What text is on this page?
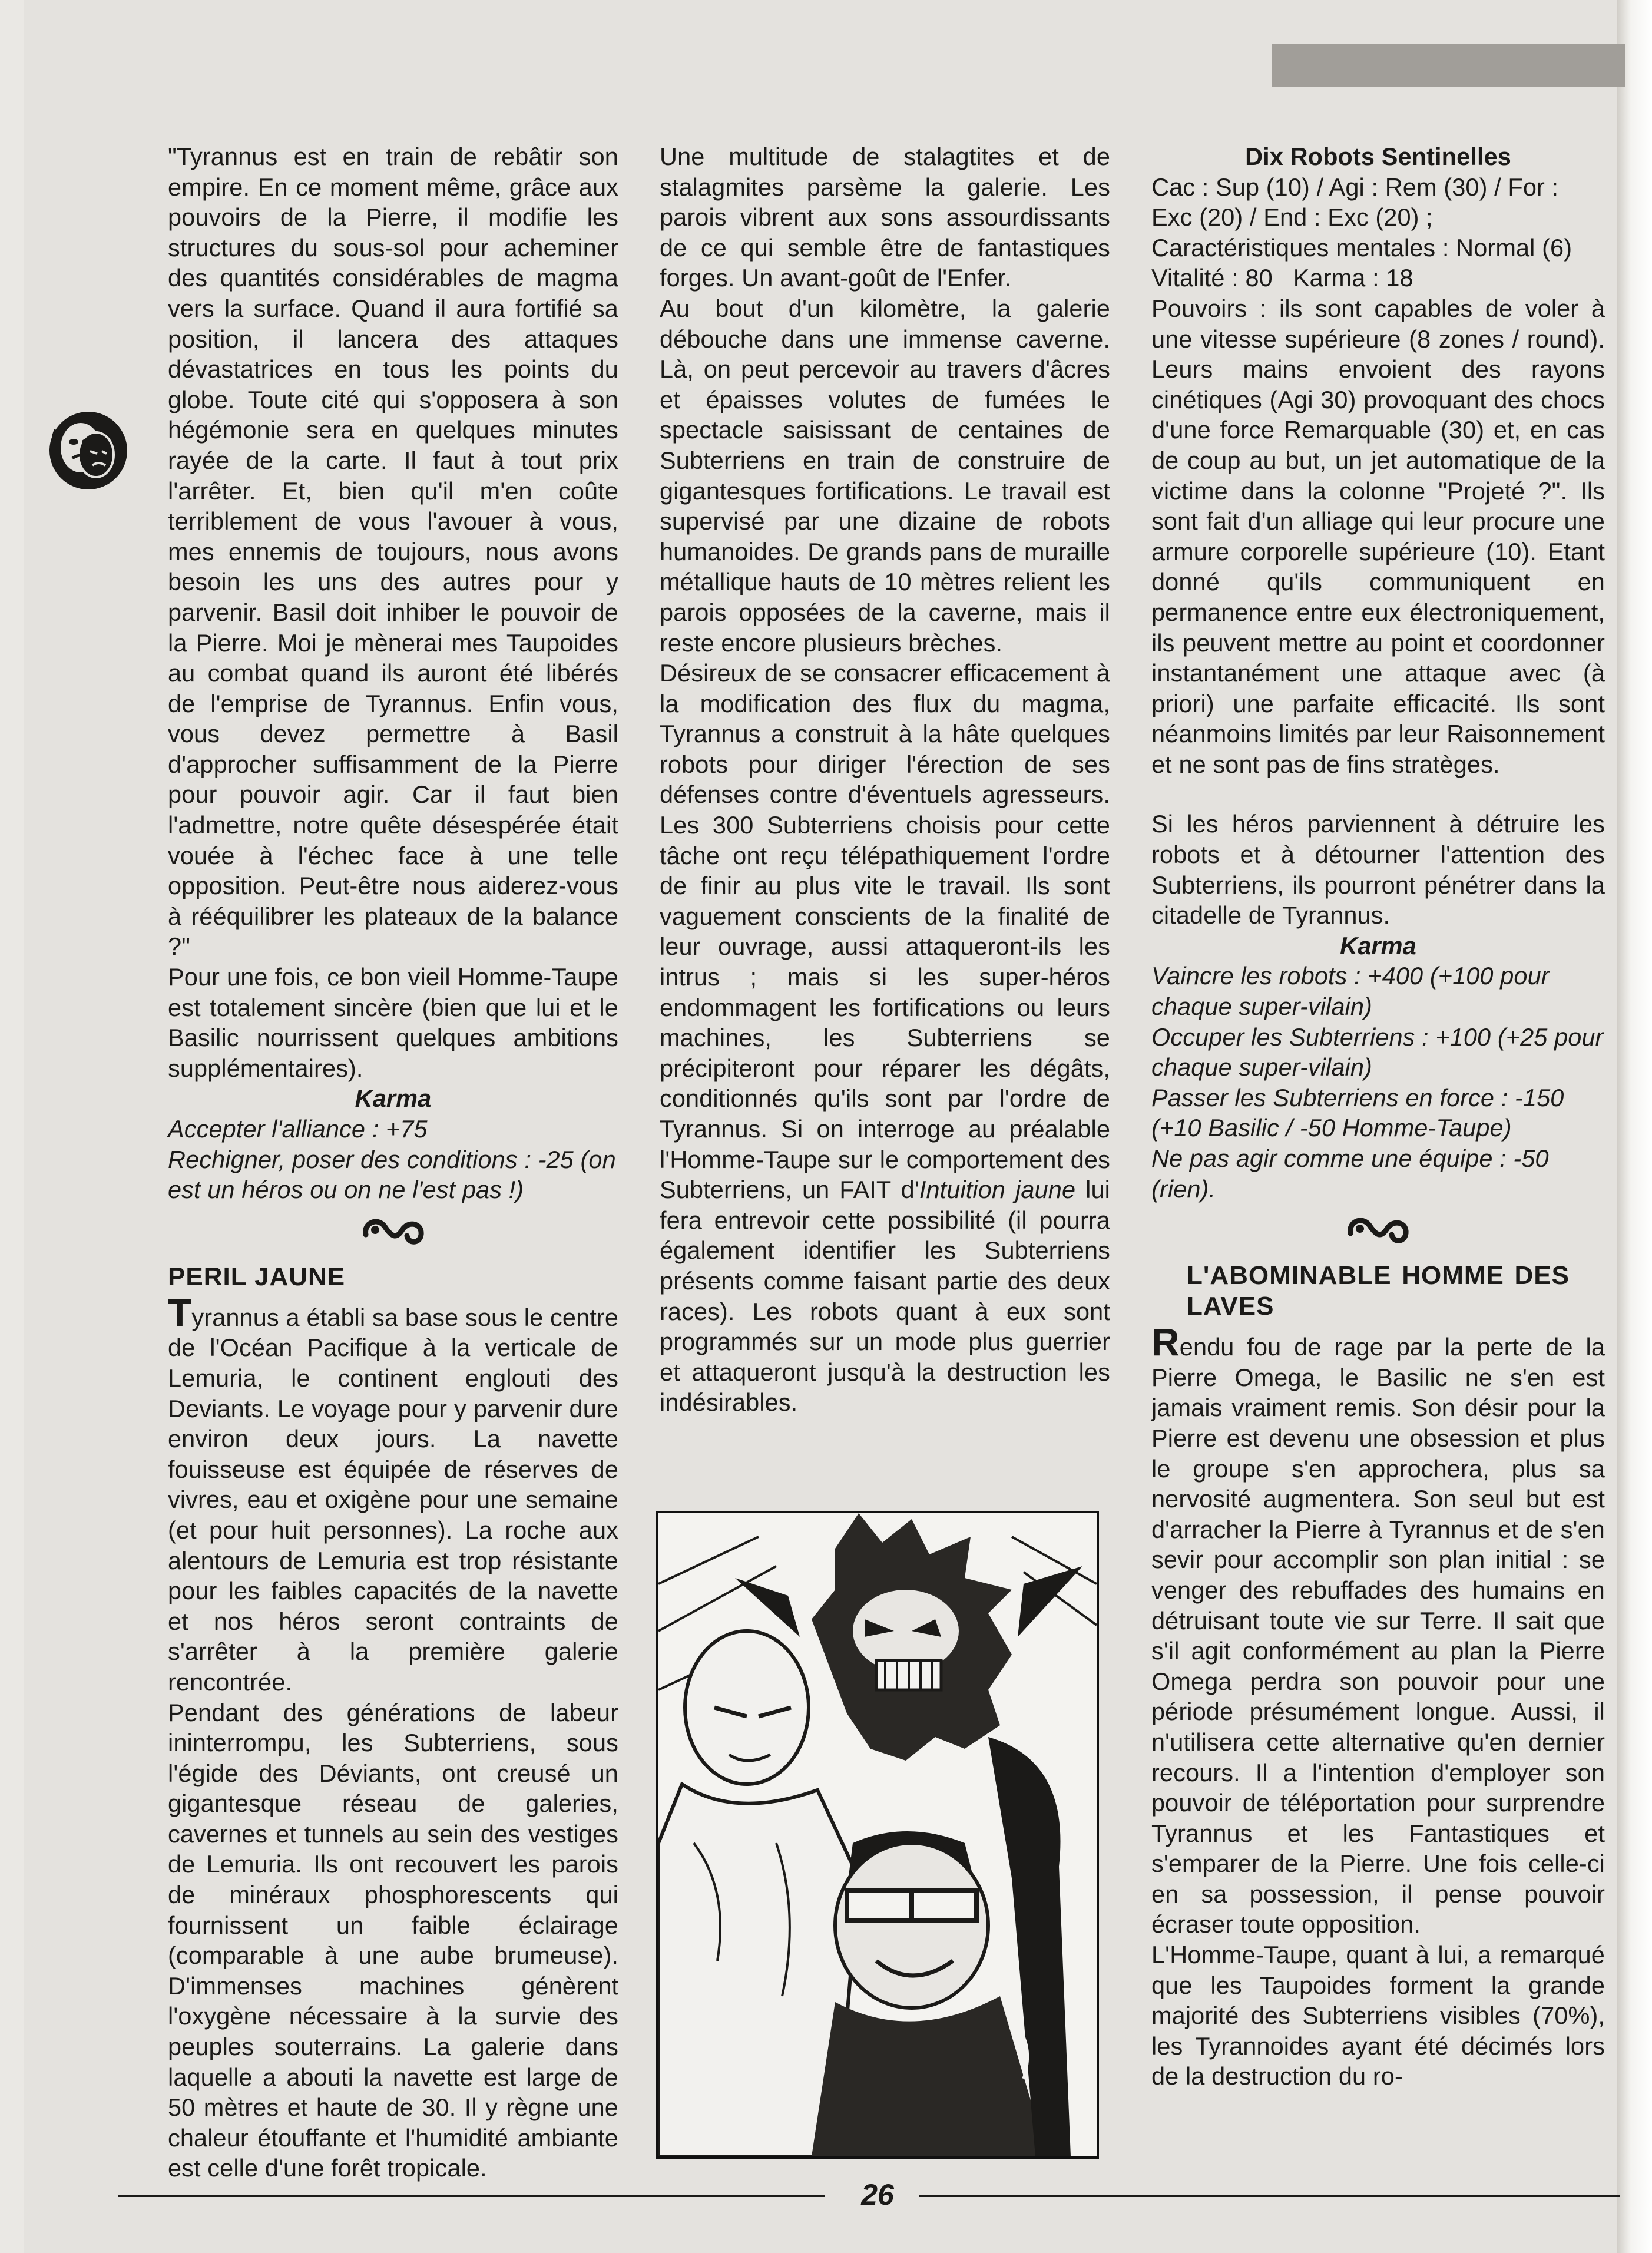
"Tyrannus est en train de rebâtir son empire. En ce moment même, grâce aux pouvoirs de la Pierre, il modifie les structures du sous-sol pour acheminer des quantités considérables de magma vers la surface. Quand il aura fortifié sa position, il lancera des attaques dévastatrices en tous les points du globe. Toute cité qui s'opposera à son hégémonie sera en quelques minutes rayée de la carte. Il faut à tout prix l'arrêter. Et, bien qu'il m'en coûte terriblement de vous l'avouer à vous, mes ennemis de toujours, nous avons besoin les uns des autres pour y parvenir. Basil doit inhiber le pouvoir de la Pierre. Moi je mènerai mes Taupoides au combat quand ils auront été libérés de l'emprise de Tyrannus. Enfin vous, vous devez permettre à Basil d'approcher suffisamment de la Pierre pour pouvoir agir. Car il faut bien l'admettre, notre quête désespérée était vouée à l'échec face à une telle opposition. Peut-être nous aiderez-vous à rééquilibrer les plateaux de la balance ?"

Pour une fois, ce bon vieil Homme-Taupe est totalement sincère (bien que lui et le Basilic nourrissent quelques ambitions supplémentaires).

Karma

Accepter l'alliance : +75

Rechigner, poser des conditions : -25 (on est un héros ou on ne l'est pas !)

PERIL JAUNE

Tyrannus a établi sa base sous le centre de l'Océan Pacifique à la verticale de Lemuria, le continent englouti des Deviants. Le voyage pour y parvenir dure environ deux jours. La navette fouisseuse est équipée de réserves de vivres, eau et oxigène pour une semaine (et pour huit personnes). La roche aux alentours de Lemuria est trop résistante pour les faibles capacités de la navette et nos héros seront contraints de s'arrêter à la première galerie rencontrée.

Pendant des générations de labeur ininterrompu, les Subterriens, sous l'égide des Déviants, ont creusé un gigantesque réseau de galeries, cavernes et tunnels au sein des vestiges de Lemuria. Ils ont recouvert les parois de minéraux phosphorescents qui fournissent un faible éclairage (comparable à une aube brumeuse). D'immenses machines génèrent l'oxygène nécessaire à la survie des peuples souterrains. La galerie dans laquelle a abouti la navette est large de 50 mètres et haute de 30. Il y règne une chaleur étouffante et l'humidité ambiante est celle d'une forêt tropicale.

Une multitude de stalagtites et de stalagmites parsème la galerie. Les parois vibrent aux sons assourdissants de ce qui semble être de fantastiques forges. Un avant-goût de l'Enfer.

Au bout d'un kilomètre, la galerie débouche dans une immense caverne. Là, on peut percevoir au travers d'âcres et épaisses volutes de fumées le spectacle saisissant de centaines de Subterriens en train de construire de gigantesques fortifications. Le travail est supervisé par une dizaine de robots humanoides. De grands pans de muraille métallique hauts de 10 mètres relient les parois opposées de la caverne, mais il reste encore plusieurs brèches.

Désireux de se consacrer efficacement à la modification des flux du magma, Tyrannus a construit à la hâte quelques robots pour diriger l'érection de ses défenses contre d'éventuels agresseurs. Les 300 Subterriens choisis pour cette tâche ont reçu télépathiquement l'ordre de finir au plus vite le travail. Ils sont vaguement conscients de la finalité de leur ouvrage, aussi attaqueront-ils les intrus ; mais si les super-héros endommagent les fortifications ou leurs machines, les Subterriens se précipiteront pour réparer les dégâts, conditionnés qu'ils sont par l'ordre de Tyrannus. Si on interroge au préalable l'Homme-Taupe sur le comportement des Subterriens, un FAIT d'Intuition jaune lui fera entrevoir cette possibilité (il pourra également identifier les Subterriens présents comme faisant partie des deux races). Les robots quant à eux sont programmés sur un mode plus guerrier et attaqueront jusqu'à la destruction les indésirables.

Dix Robots Sentinelles

Cac : Sup (10) / Agi : Rem (30) / For : Exc (20) / End : Exc (20) ; Caractéristiques mentales : Normal (6)

Vitalité : 80   Karma : 18

Pouvoirs : ils sont capables de voler à une vitesse supérieure (8 zones / round). Leurs mains envoient des rayons cinétiques (Agi 30) provoquant des chocs d'une force Remarquable (30) et, en cas de coup au but, un jet automatique de la victime dans la colonne "Projeté ?". Ils sont fait d'un alliage qui leur procure une armure corporelle supérieure (10). Etant donné qu'ils communiquent en permanence entre eux électroniquement, ils peuvent mettre au point et coordonner instantanément une attaque avec (à priori) une parfaite efficacité. Ils sont néanmoins limités par leur Raisonnement et ne sont pas de fins stratèges.

Si les héros parviennent à détruire les robots et à détourner l'attention des Subterriens, ils pourront pénétrer dans la citadelle de Tyrannus.

Karma

Vaincre les robots : +400 (+100 pour chaque super-vilain)

Occuper les Subterriens : +100 (+25 pour chaque super-vilain)

Passer les Subterriens en force : -150 (+10 Basilic / -50 Homme-Taupe)

Ne pas agir comme une équipe : -50 (rien).

L'ABOMINABLE HOMME DES LAVES

Rendu fou de rage par la perte de la Pierre Omega, le Basilic ne s'en est jamais vraiment remis. Son désir pour la Pierre est devenu une obsession et plus le groupe s'en approchera, plus sa nervosité augmentera. Son seul but est d'arracher la Pierre à Tyrannus et de s'en sevir pour accomplir son plan initial : se venger des rebuffades des humains en détruisant toute vie sur Terre. Il sait que s'il agit conformément au plan la Pierre Omega perdra son pouvoir pour une période présumément longue. Aussi, il n'utilisera cette alternative qu'en dernier recours. Il a l'intention d'employer son pouvoir de téléportation pour surprendre Tyrannus et les Fantastiques et s'emparer de la Pierre. Une fois celle-ci en sa possession, il pense pouvoir écraser toute opposition.

L'Homme-Taupe, quant à lui, a remarqué que les Taupoides forment la grande majorité des Subterriens visibles (70%), les Tyrannoides ayant été décimés lors de la destruction du ro-

26
